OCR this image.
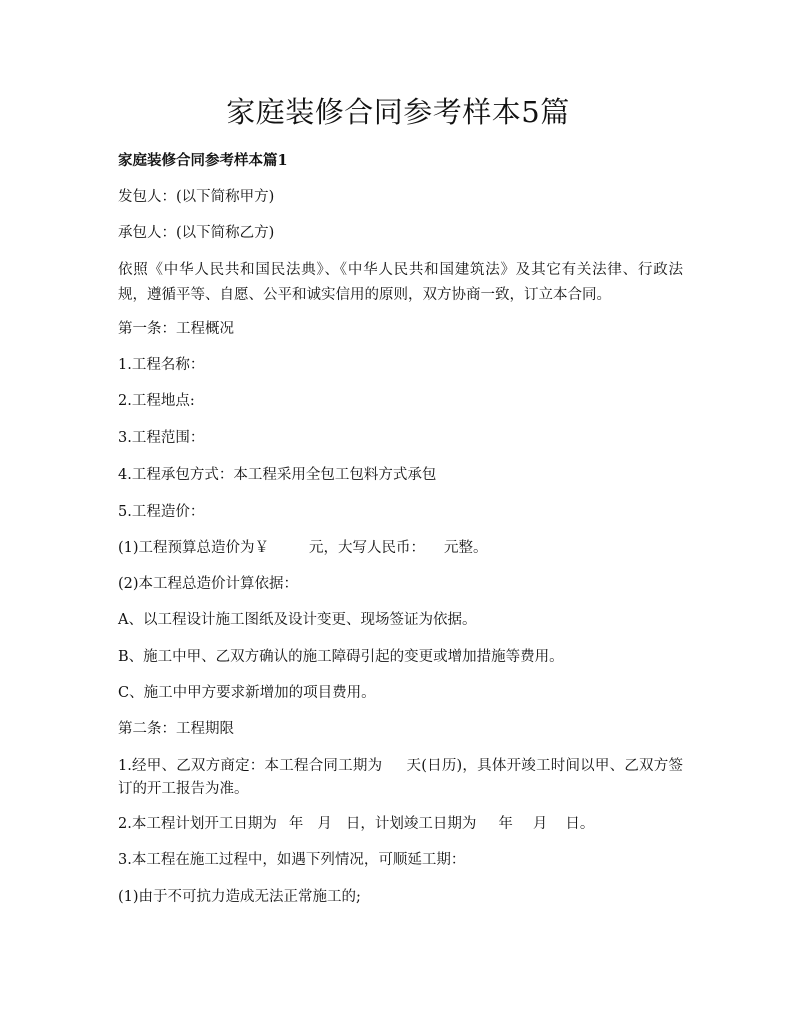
家庭装修合同参考样本5篇

家庭装修合同参考样本篇1

发包人：(以下简称甲方)

承包人：(以下简称乙方)

依照《中华人民共和国民法典》、《中华人民共和国建筑法》及其它有关法律、行政法规，遵循平等、自愿、公平和诚实信用的原则，双方协商一致，订立本合同。

第一条：工程概况

1.工程名称：

2.工程地点:

3.工程范围：

4.工程承包方式：本工程采用全包工包料方式承包

5.工程造价：

(1)工程预算总造价为￥	元，大写人民币： 元整。

(2)本工程总造价计算依据：

A、以工程设计施工图纸及设计变更、现场签证为依据。

B、施工中甲、乙双方确认的施工障碍引起的变更或增加措施等费用。

C、施工中甲方要求新增加的项目费用。

第二条：工程期限

1.经甲、乙双方商定：本工程合同工期为 天(日历)，具体开竣工时间以甲、乙双方签订的开工报告为准。

2.本工程计划开工日期为 年 月 日，计划竣工日期为 年 月 日。

3.本工程在施工过程中，如遇下列情况，可顺延工期：

(1)由于不可抗力造成无法正常施工的;
